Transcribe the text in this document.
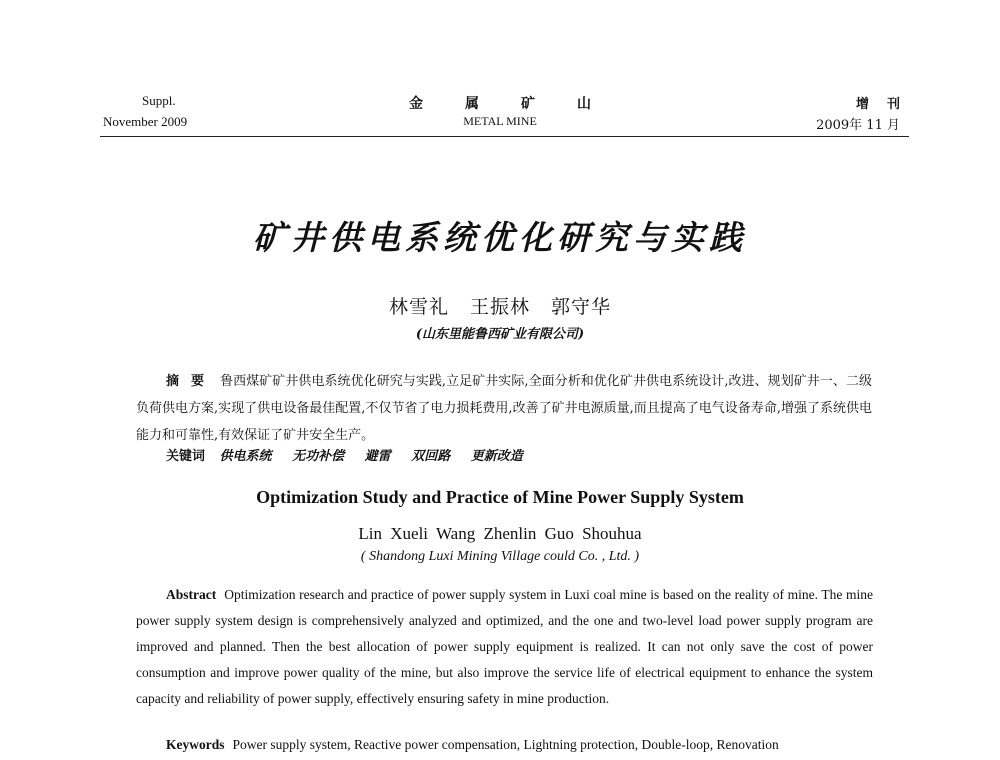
Suppl.	金属矿山	增刊
November 2009	METAL MINE	2009年 11 月
矿井供电系统优化研究与实践
林雪礼 王振林 郭守华
(山东里能鲁西矿业有限公司)
摘要 鲁西煤矿矿井供电系统优化研究与实践,立足矿井实际,全面分析和优化矿井供电系统设计,改进、规划矿井一、二级负荷供电方案,实现了供电设备最佳配置,不仅节省了电力损耗费用,改善了矿井电源质量,而且提高了电气设备寿命,增强了系统供电能力和可靠性,有效保证了矿井安全生产。
关键词 供电系统 无功补偿 避雷 双回路 更新改造
Optimization Study and Practice of Mine Power Supply System
Lin Xueli Wang Zhenlin Guo Shouhua
( Shandong Luxi Mining Village could Co. , Ltd. )
Abstract Optimization research and practice of power supply system in Luxi coal mine is based on the reality of mine. The mine power supply system design is comprehensively analyzed and optimized, and the one and two-level load power supply program are improved and planned. Then the best allocation of power supply equipment is realized. It can not only save the cost of power consumption and improve power quality of the mine, but also improve the service life of electrical equipment to enhance the system capacity and reliability of power supply, effectively ensuring safety in mine production.
Keywords Power supply system, Reactive power compensation, Lightning protection, Double-loop, Renovation
